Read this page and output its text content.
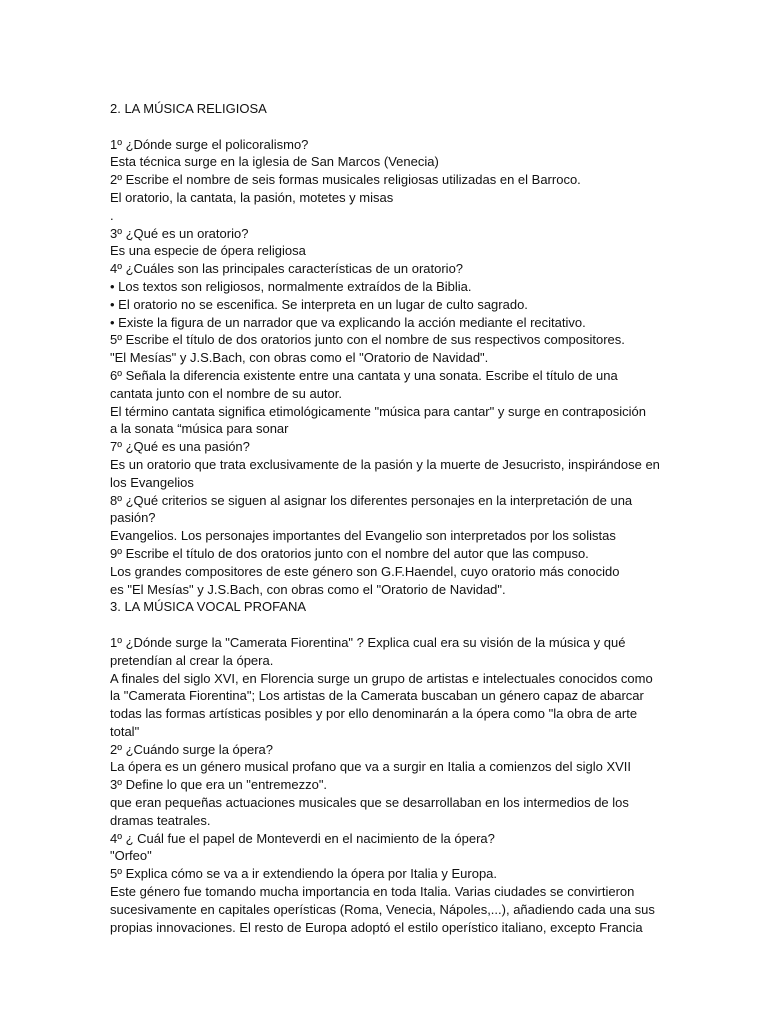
2. LA MÚSICA RELIGIOSA
1º ¿Dónde surge el policoralismo?
Esta técnica surge en la iglesia de San Marcos (Venecia)
2º Escribe el nombre de seis formas musicales religiosas utilizadas en el Barroco.
El oratorio, la cantata, la pasión, motetes y misas
.
3º ¿Qué es un oratorio?
Es una especie de ópera religiosa
4º ¿Cuáles son las principales características de un oratorio?
• Los textos son religiosos, normalmente extraídos de la Biblia.
• El oratorio no se escenifica. Se interpreta en un lugar de culto sagrado.
• Existe la figura de un narrador que va explicando la acción mediante el recitativo.
5º Escribe el título de dos oratorios junto con el nombre de sus respectivos compositores.
"El Mesías" y J.S.Bach, con obras como el "Oratorio de Navidad".
6º Señala la diferencia existente entre una cantata y una sonata. Escribe el título de una
cantata junto con el nombre de su autor.
El término cantata significa etimológicamente "música para cantar" y surge en contraposición
a la sonata “música para sonar
7º ¿Qué es una pasión?
Es un oratorio que trata exclusivamente de la pasión y la muerte de Jesucristo, inspirándose en
los Evangelios
8º ¿Qué criterios se siguen al asignar los diferentes personajes en la interpretación de una
pasión?
Evangelios. Los personajes importantes del Evangelio son interpretados por los solistas
9º Escribe el título de dos oratorios junto con el nombre del autor que las compuso.
Los grandes compositores de este género son G.F.Haendel, cuyo oratorio más conocido
es "El Mesías" y J.S.Bach, con obras como el "Oratorio de Navidad".
3. LA MÚSICA VOCAL PROFANA
1º ¿Dónde surge la "Camerata Fiorentina" ? Explica cual era su visión de la música y qué
pretendían al crear la ópera.
A finales del siglo XVI, en Florencia surge un grupo de artistas e intelectuales conocidos como
la "Camerata Fiorentina"; Los artistas de la Camerata buscaban un género capaz de abarcar
todas las formas artísticas posibles y por ello denominarán a la ópera como "la obra de arte
total"
2º ¿Cuándo surge la ópera?
La ópera es un género musical profano que va a surgir en Italia a comienzos del siglo XVII
3º Define lo que era un "entremezzo".
que eran pequeñas actuaciones musicales que se desarrollaban en los intermedios de los
dramas teatrales.
4º ¿ Cuál fue el papel de Monteverdi en el nacimiento de la ópera?
"Orfeo"
5º Explica cómo se va a ir extendiendo la ópera por Italia y Europa.
Este género fue tomando mucha importancia en toda Italia. Varias ciudades se convirtieron
sucesivamente en capitales operísticas (Roma, Venecia, Nápoles,...), añadiendo cada una sus
propias innovaciones. El resto de Europa adoptó el estilo operístico italiano, excepto Francia
